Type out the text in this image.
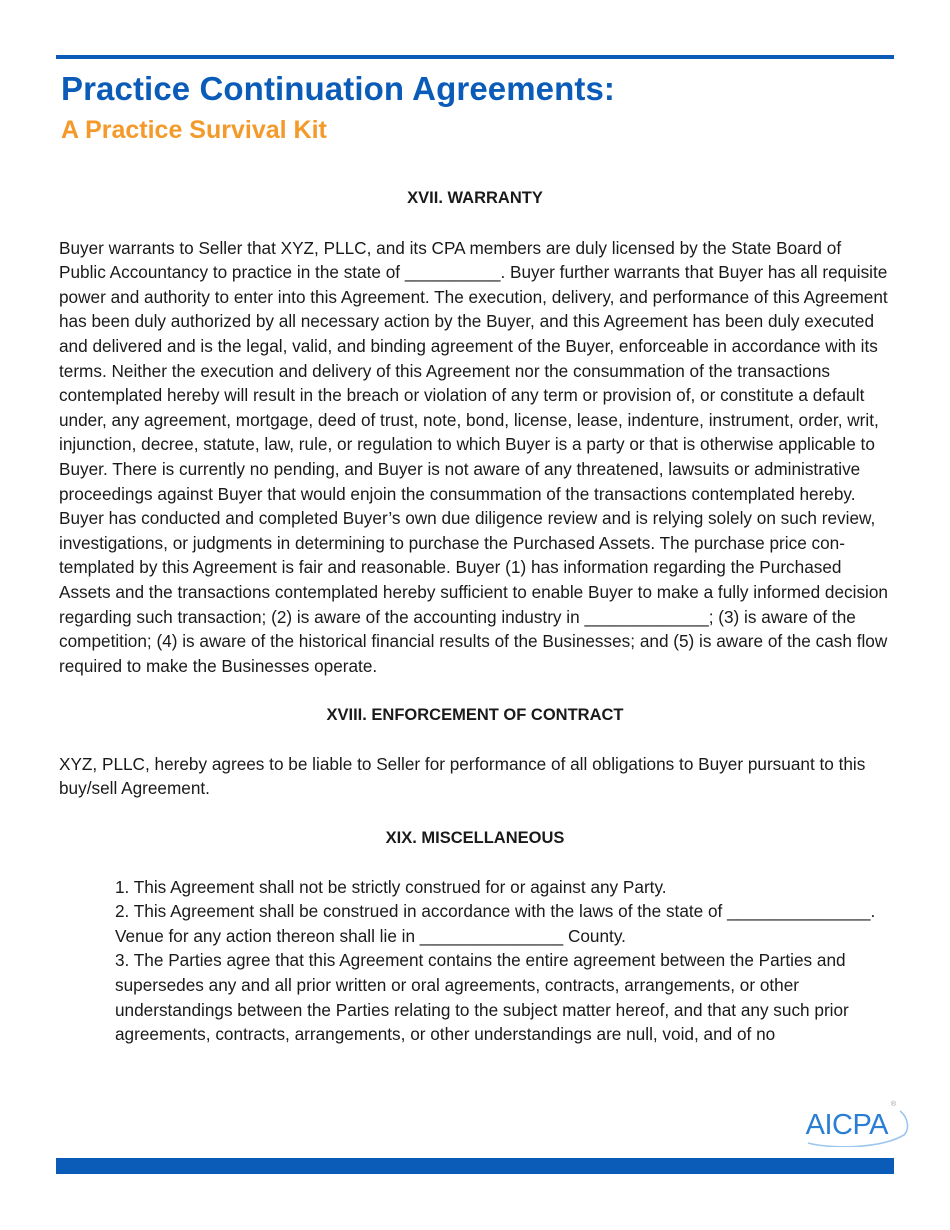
Practice Continuation Agreements:
A Practice Survival Kit

XVII. WARRANTY

Buyer warrants to Seller that XYZ, PLLC, and its CPA members are duly licensed by the State Board of Public Accountancy to practice in the state of __________. Buyer further warrants that Buyer has all requisite power and authority to enter into this Agreement. The execution, delivery, and performance of this Agreement has been duly authorized by all necessary action by the Buyer, and this Agreement has been duly executed and delivered and is the legal, valid, and binding agreement of the Buyer, enforceable in accordance with its terms. Neither the execution and delivery of this Agreement nor the consummation of the transactions contemplated hereby will result in the breach or violation of any term or provision of, or constitute a default under, any agreement, mortgage, deed of trust, note, bond, license, lease, indenture, instrument, order, writ, injunction, decree, statute, law, rule, or regulation to which Buyer is a party or that is otherwise applicable to Buyer. There is currently no pending, and Buyer is not aware of any threatened, lawsuits or administrative proceedings against Buyer that would enjoin the consummation of the transactions contemplated hereby. Buyer has conducted and completed Buyer’s own due diligence review and is relying solely on such review, investigations, or judgments in determining to purchase the Purchased Assets. The purchase price contemplated by this Agreement is fair and reasonable. Buyer (1) has information regarding the Purchased Assets and the transactions contemplated hereby sufficient to enable Buyer to make a fully informed decision regarding such transaction; (2) is aware of the accounting industry in _____________; (3) is aware of the competition; (4) is aware of the historical financial results of the Businesses; and (5) is aware of the cash flow required to make the Businesses operate.

XVIII. ENFORCEMENT OF CONTRACT

XYZ, PLLC, hereby agrees to be liable to Seller for performance of all obligations to Buyer pursuant to this buy/sell Agreement.

XIX. MISCELLANEOUS

1. This Agreement shall not be strictly construed for or against any Party.
2. This Agreement shall be construed in accordance with the laws of the state of _______________. Venue for any action thereon shall lie in _______________ County.
3. The Parties agree that this Agreement contains the entire agreement between the Parties and supersedes any and all prior written or oral agreements, contracts, arrangements, or other understandings between the Parties relating to the subject matter hereof, and that any such prior agreements, contracts, arrangements, or other understandings are null, void, and of no
AICPA
®
